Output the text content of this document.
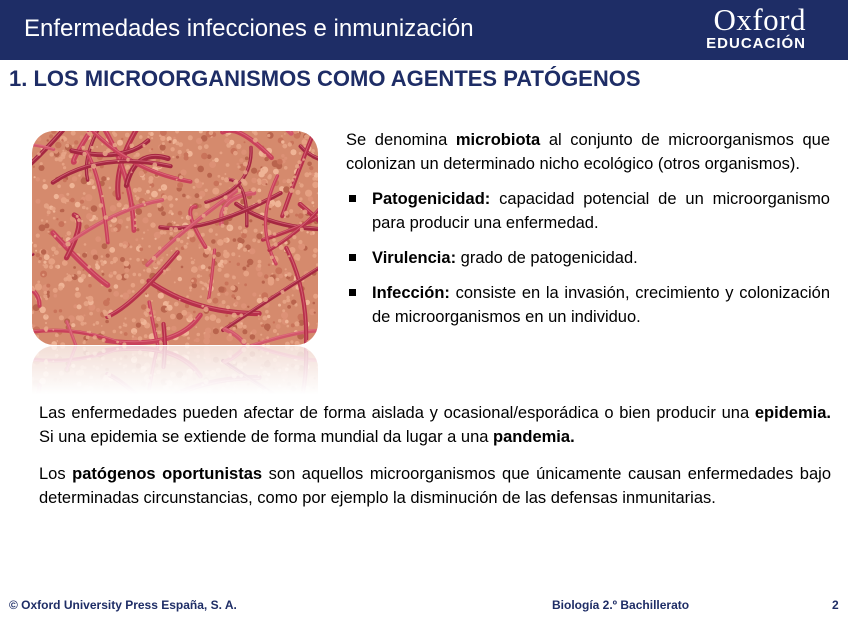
Enfermedades infecciones e inmunización	Oxford
EDUCACIÓN
1. LOS MICROORGANISMOS COMO AGENTES PATÓGENOS

Se denomina microbiota al conjunto de microorganismos que colonizan un determinado nicho ecológico (otros organismos).

Patogenicidad: capacidad potencial de un microorganismo para producir una enfermedad.
Virulencia: grado de patogenicidad.
Infección: consiste en la invasión, crecimiento y colonización de microorganismos en un individuo.

Las enfermedades pueden afectar de forma aislada y ocasional/esporádica o bien producir una epidemia. Si una epidemia se extiende de forma mundial da lugar a una pandemia.

Los patógenos oportunistas son aquellos microorganismos que únicamente causan enfermedades bajo determinadas circunstancias, como por ejemplo la disminución de las defensas inmunitarias.

© Oxford University Press España, S. A.	Biología 2.º Bachillerato	2
